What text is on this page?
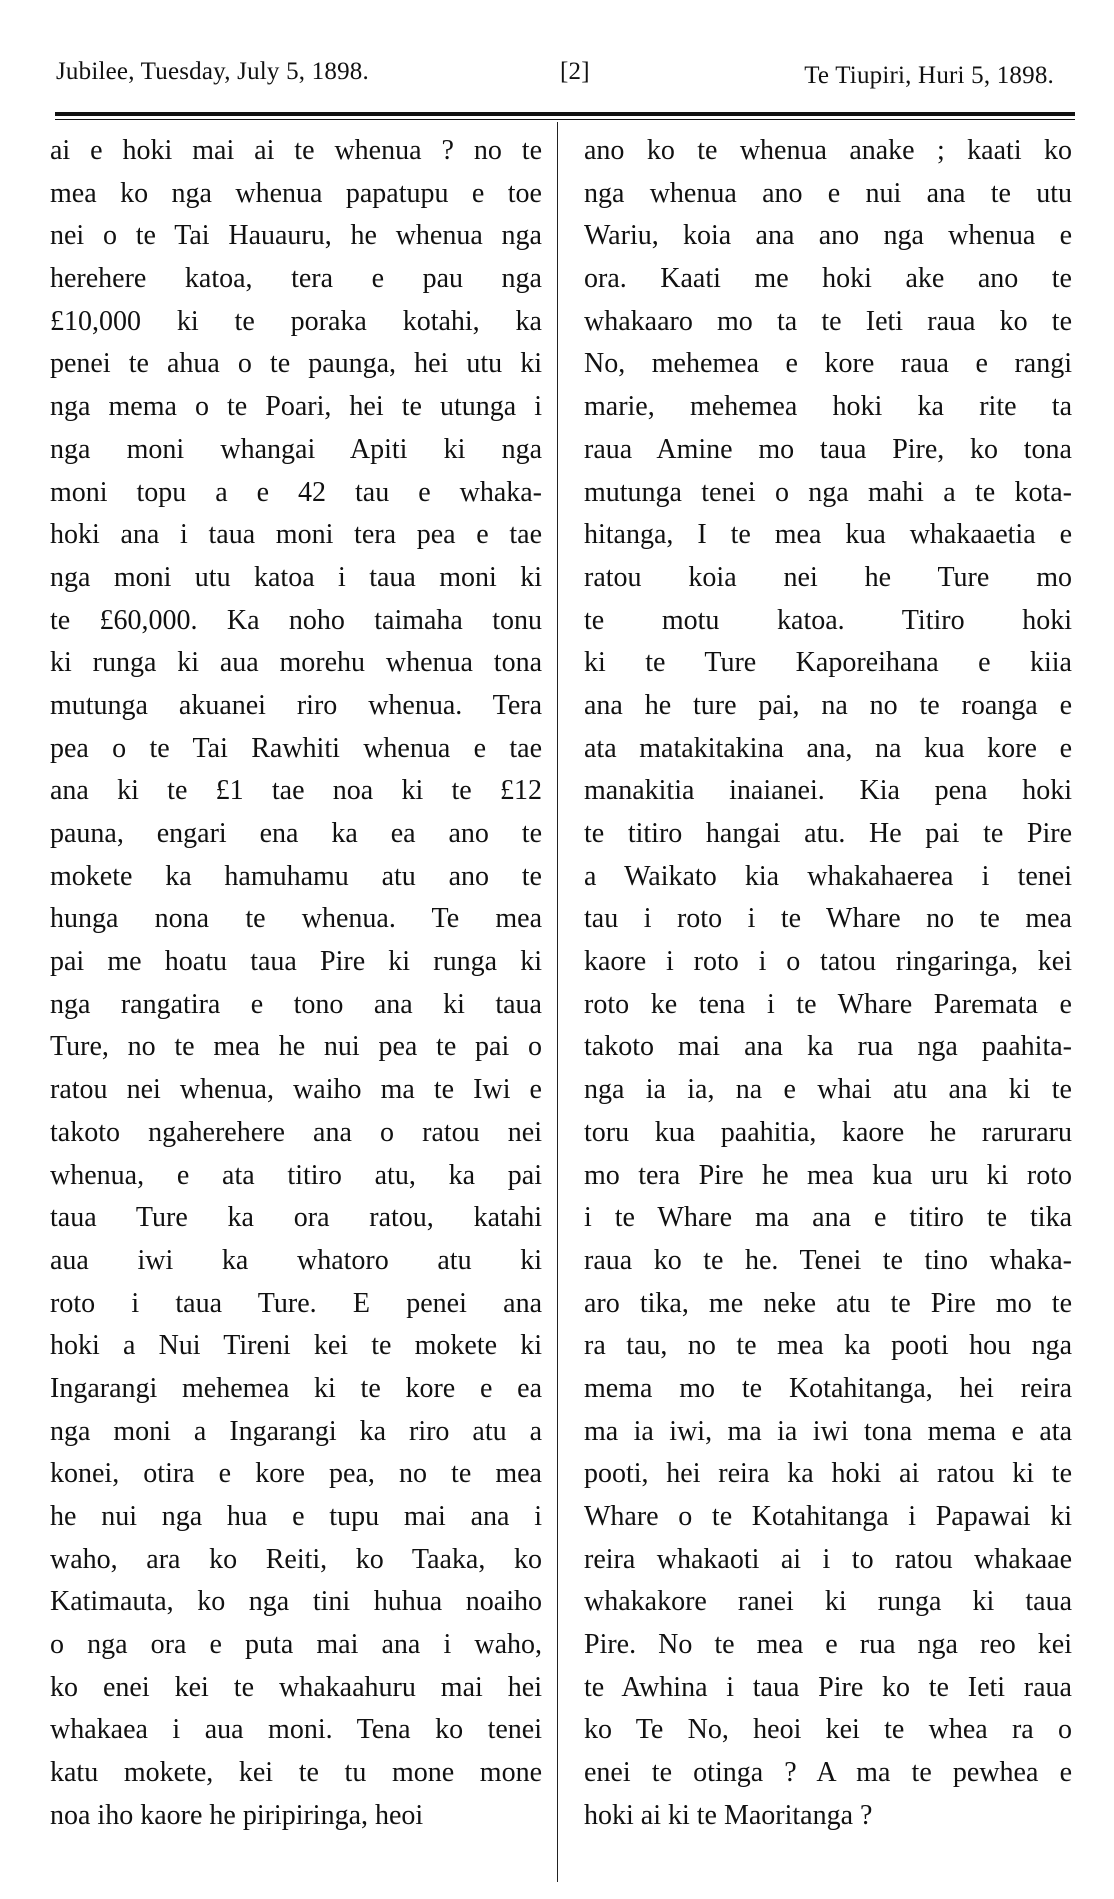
Jubilee, Tuesday, July 5, 1898.	[2]	Te Tiupiri, Huri 5, 1898.
ai e hoki mai ai te whenua ? no te
mea ko nga whenua papatupu e toe
nei o te Tai Hauauru, he whenua nga
herehere katoa, tera e pau nga
£10,000 ki te poraka kotahi, ka
penei te ahua o te paunga, hei utu ki
nga mema o te Poari, hei te utunga i
nga moni whangai Apiti ki nga
moni topu a e 42 tau e whaka-
hoki ana i taua moni tera pea e tae
nga moni utu katoa i taua moni ki
te £60,000. Ka noho taimaha tonu
ki runga ki aua morehu whenua tona
mutunga akuanei riro whenua. Tera
pea o te Tai Rawhiti whenua e tae
ana ki te £1 tae noa ki te £12
pauna, engari ena ka ea ano te
mokete ka hamuhamu atu ano te
hunga nona te whenua. Te mea
pai me hoatu taua Pire ki runga ki
nga rangatira e tono ana ki taua
Ture, no te mea he nui pea te pai o
ratou nei whenua, waiho ma te Iwi e
takoto ngaherehere ana o ratou nei
whenua, e ata titiro atu, ka pai
taua Ture ka ora ratou, katahi
aua iwi ka whatoro atu ki
roto i taua Ture. E penei ana
hoki a Nui Tireni kei te mokete ki
Ingarangi mehemea ki te kore e ea
nga moni a Ingarangi ka riro atu a
konei, otira e kore pea, no te mea
he nui nga hua e tupu mai ana i
waho, ara ko Reiti, ko Taaka, ko
Katimauta, ko nga tini huhua noaiho
o nga ora e puta mai ana i waho,
ko enei kei te whakaahuru mai hei
whakaea i aua moni. Tena ko tenei
katu mokete, kei te tu mone mone
noa iho kaore he piripiringa, heoi
ano ko te whenua anake ; kaati ko
nga whenua ano e nui ana te utu
Wariu, koia ana ano nga whenua e
ora. Kaati me hoki ake ano te
whakaaro mo ta te Ieti raua ko te
No, mehemea e kore raua e rangi
marie, mehemea hoki ka rite ta
raua Amine mo taua Pire, ko tona
mutunga tenei o nga mahi a te kota-
hitanga, I te mea kua whakaaetia e
ratou koia nei he Ture mo
te motu katoa. Titiro hoki
ki te Ture Kaporeihana e kiia
ana he ture pai, na no te roanga e
ata matakitakina ana, na kua kore e
manakitia inaianei. Kia pena hoki
te titiro hangai atu. He pai te Pire
a Waikato kia whakahaerea i tenei
tau i roto i te Whare no te mea
kaore i roto i o tatou ringaringa, kei
roto ke tena i te Whare Paremata e
takoto mai ana ka rua nga paahita-
nga ia ia, na e whai atu ana ki te
toru kua paahitia, kaore he raruraru
mo tera Pire he mea kua uru ki roto
i te Whare ma ana e titiro te tika
raua ko te he. Tenei te tino whaka-
aro tika, me neke atu te Pire mo te
ra tau, no te mea ka pooti hou nga
mema mo te Kotahitanga, hei reira
ma ia iwi, ma ia iwi tona mema e ata
pooti, hei reira ka hoki ai ratou ki te
Whare o te Kotahitanga i Papawai ki
reira whakaoti ai i to ratou whakaae
whakakore ranei ki runga ki taua
Pire. No te mea e rua nga reo kei
te Awhina i taua Pire ko te Ieti raua
ko Te No, heoi kei te whea ra o
enei te otinga ? A ma te pewhea e
hoki ai ki te Maoritanga ?
